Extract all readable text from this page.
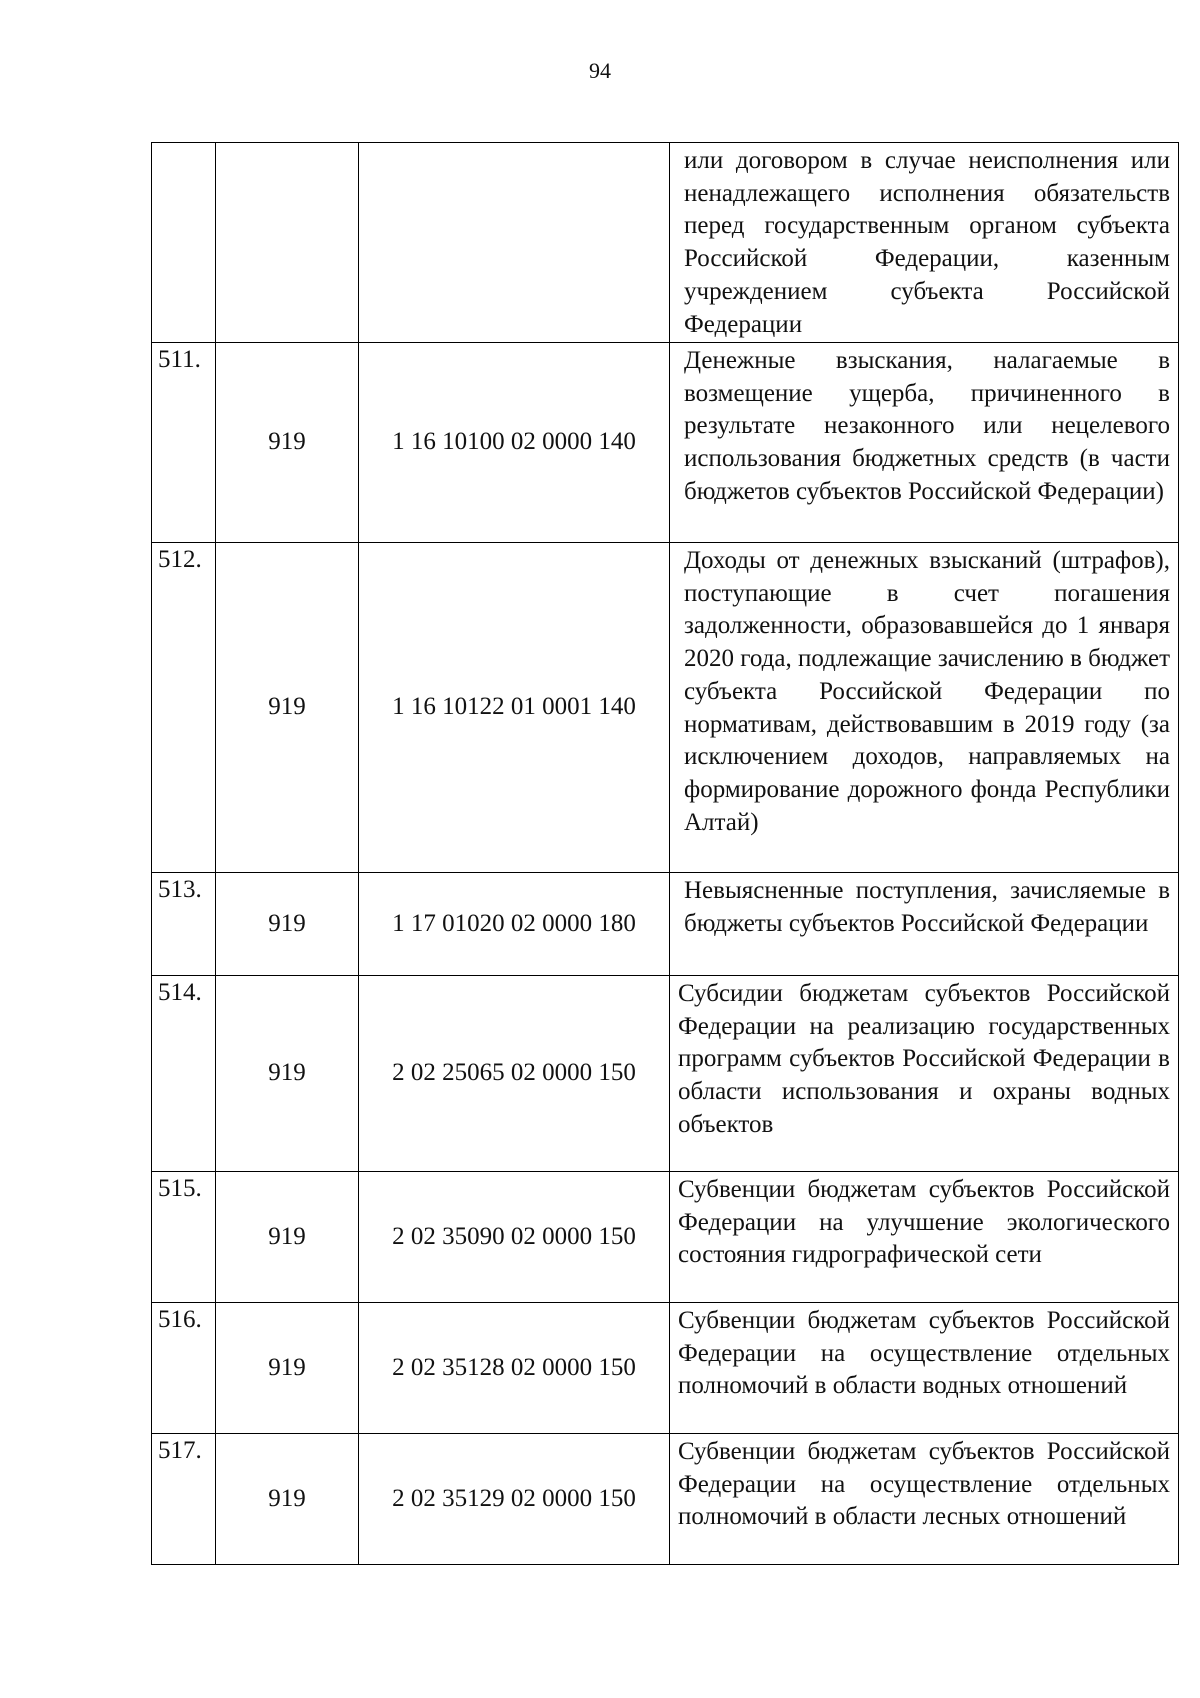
94
			или договором в случае неисполнения или ненадлежащего исполнения обязательств перед государственным органом субъекта Российской Федерации, казенным учреждением субъекта Российской Федерации
511.	919	1 16 10100 02 0000 140	Денежные взыскания, налагаемые в возмещение ущерба, причиненного в результате незаконного или нецелевого использования бюджетных средств (в части бюджетов субъектов Российской Федерации)
512.	919	1 16 10122 01 0001 140	Доходы от денежных взысканий (штрафов), поступающие в счет погашения задолженности, образовавшейся до 1 января 2020 года, подлежащие зачислению в бюджет субъекта Российской Федерации по нормативам, действовавшим в 2019 году (за исключением доходов, направляемых на формирование дорожного фонда Республики Алтай)
513.	919	1 17 01020 02 0000 180	Невыясненные поступления, зачисляемые в бюджеты субъектов Российской Федерации
514.	919	2 02 25065 02 0000 150	Субсидии бюджетам субъектов Российской Федерации на реализацию государственных программ субъектов Российской Федерации в области использования и охраны водных объектов
515.	919	2 02 35090 02 0000 150	Субвенции бюджетам субъектов Российской Федерации на улучшение экологического состояния гидрографической сети
516.	919	2 02 35128 02 0000 150	Субвенции бюджетам субъектов Российской Федерации на осуществление отдельных полномочий в области водных отношений
517.	919	2 02 35129 02 0000 150	Субвенции бюджетам субъектов Российской Федерации на осуществление отдельных полномочий в области лесных отношений
